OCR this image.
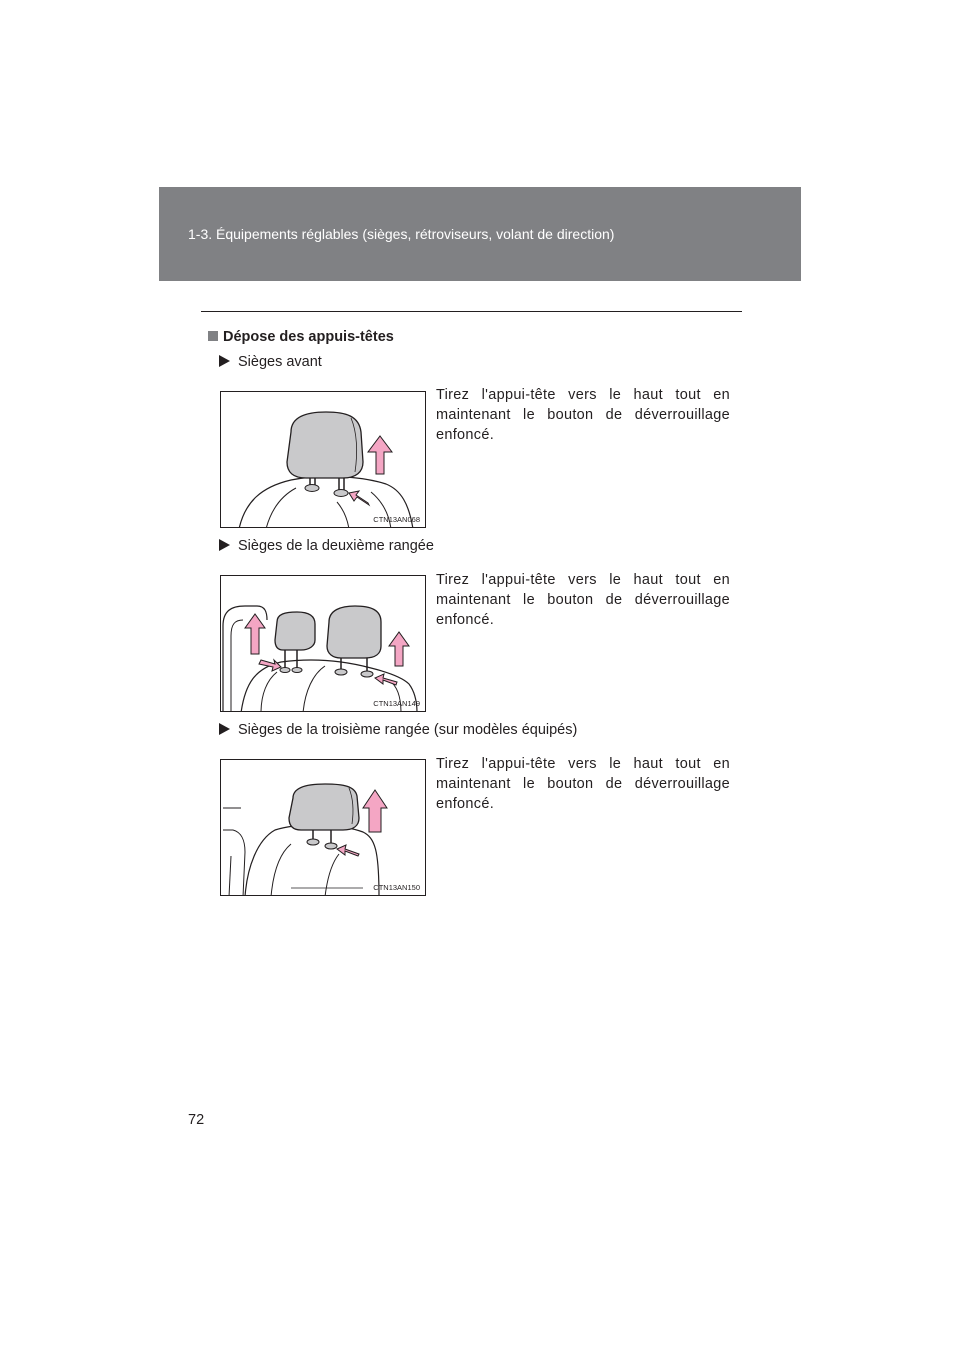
1-3. Équipements réglables (sièges, rétroviseurs, volant de direction)
Dépose des appuis-têtes
Sièges avant
CTN13AN068
Tirez l'appui-tête vers le haut tout en maintenant le bouton de déverrouillage enfoncé.
Sièges de la deuxième rangée
CTN13AN149
Tirez l'appui-tête vers le haut tout en maintenant le bouton de déverrouillage enfoncé.
Sièges de la troisième rangée (sur modèles équipés)
CTN13AN150
Tirez l'appui-tête vers le haut tout en maintenant le bouton de déverrouillage enfoncé.
72
